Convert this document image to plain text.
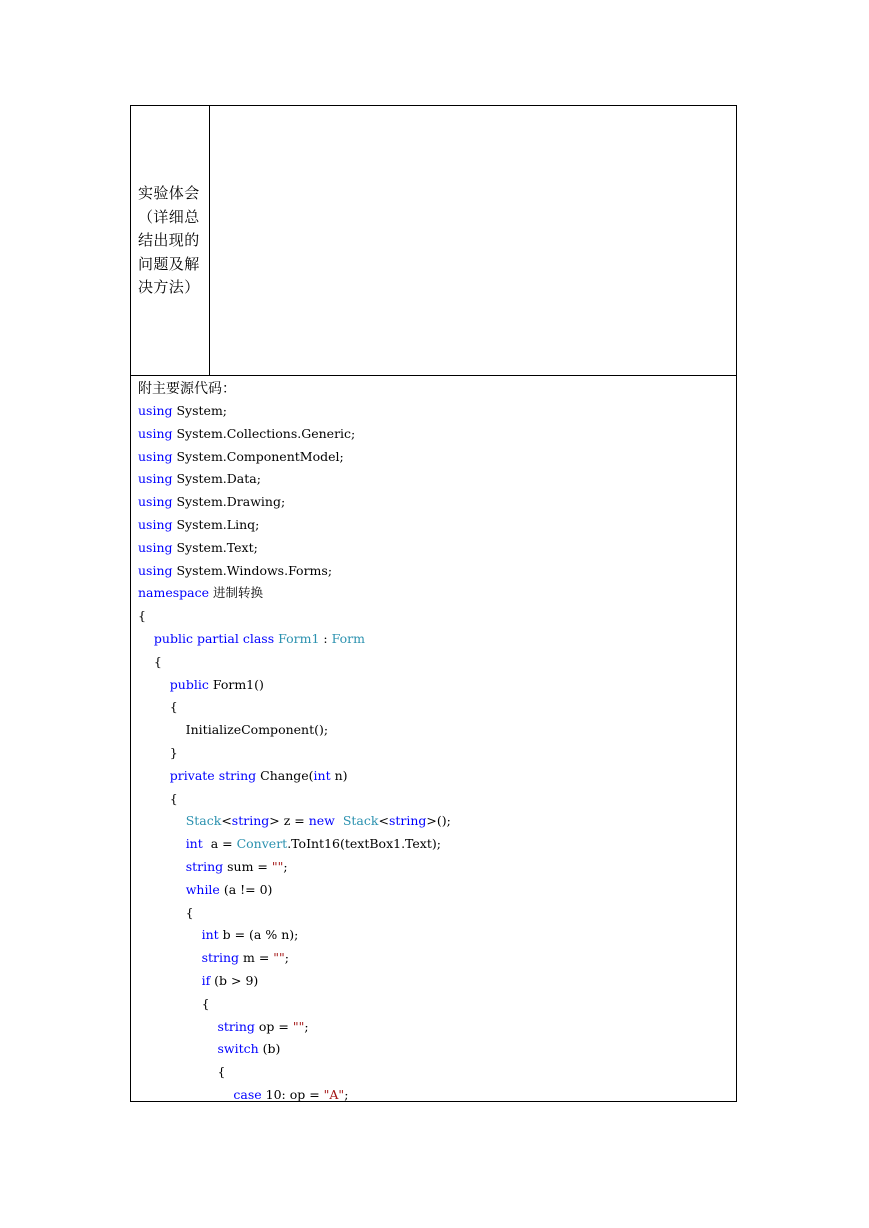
实验体会
（详细总
结出现的
问题及解
决方法）
附主要源代码：
using System;
using System.Collections.Generic;
using System.ComponentModel;
using System.Data;
using System.Drawing;
using System.Linq;
using System.Text;
using System.Windows.Forms;
namespace 进制转换
{
public partial class Form1 : Form
{
public Form1()
{
InitializeComponent();
}
private string Change(int n)
{
Stack<string> z = new Stack<string>();
int  a = Convert.ToInt16(textBox1.Text);
string sum = "";
while (a != 0)
{
int b = (a % n);
string m = "";
if (b > 9)
{
string op = "";
switch (b)
{
case 10: op = "A";
